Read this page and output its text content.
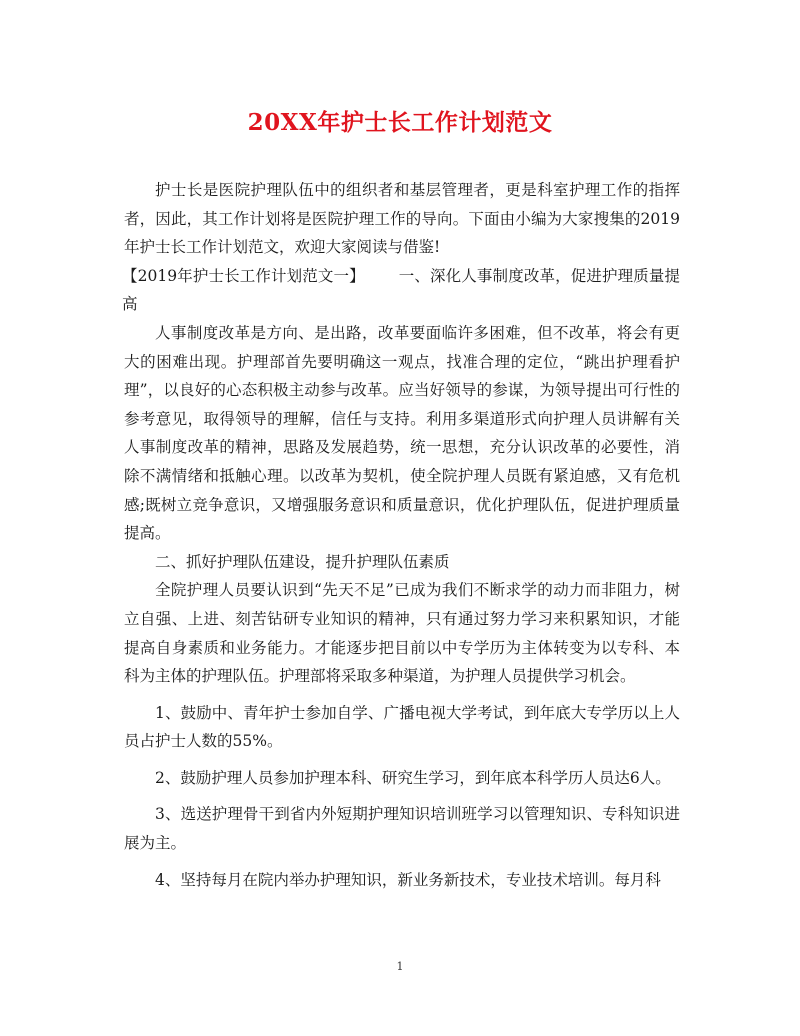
20XX年护士长工作计划范文

护士长是医院护理队伍中的组织者和基层管理者，更是科室护理工作的指挥者，因此，其工作计划将是医院护理工作的导向。下面由小编为大家搜集的2019年护士长工作计划范文，欢迎大家阅读与借鉴!

【2019年护士长工作计划范文一】 一、深化人事制度改革，促进护理质量提高

人事制度改革是方向、是出路，改革要面临许多困难，但不改革，将会有更大的困难出现。护理部首先要明确这一观点，找准合理的定位，“跳出护理看护理”，以良好的心态积极主动参与改革。应当好领导的参谋，为领导提出可行性的参考意见，取得领导的理解，信任与支持。利用多渠道形式向护理人员讲解有关人事制度改革的精神，思路及发展趋势，统一思想，充分认识改革的必要性，消除不满情绪和抵触心理。以改革为契机，使全院护理人员既有紧迫感，又有危机感;既树立竞争意识，又增强服务意识和质量意识，优化护理队伍，促进护理质量提高。

二、抓好护理队伍建设，提升护理队伍素质

全院护理人员要认识到“先天不足”已成为我们不断求学的动力而非阻力，树立自强、上进、刻苦钻研专业知识的精神，只有通过努力学习来积累知识，才能提高自身素质和业务能力。才能逐步把目前以中专学历为主体转变为以专科、本科为主体的护理队伍。护理部将采取多种渠道，为护理人员提供学习机会。

1、鼓励中、青年护士参加自学、广播电视大学考试，到年底大专学历以上人员占护士人数的55%。

2、鼓励护理人员参加护理本科、研究生学习，到年底本科学历人员达6人。

3、选送护理骨干到省内外短期护理知识培训班学习以管理知识、专科知识进展为主。

4、坚持每月在院内举办护理知识，新业务新技术，专业技术培训。每月科

1
